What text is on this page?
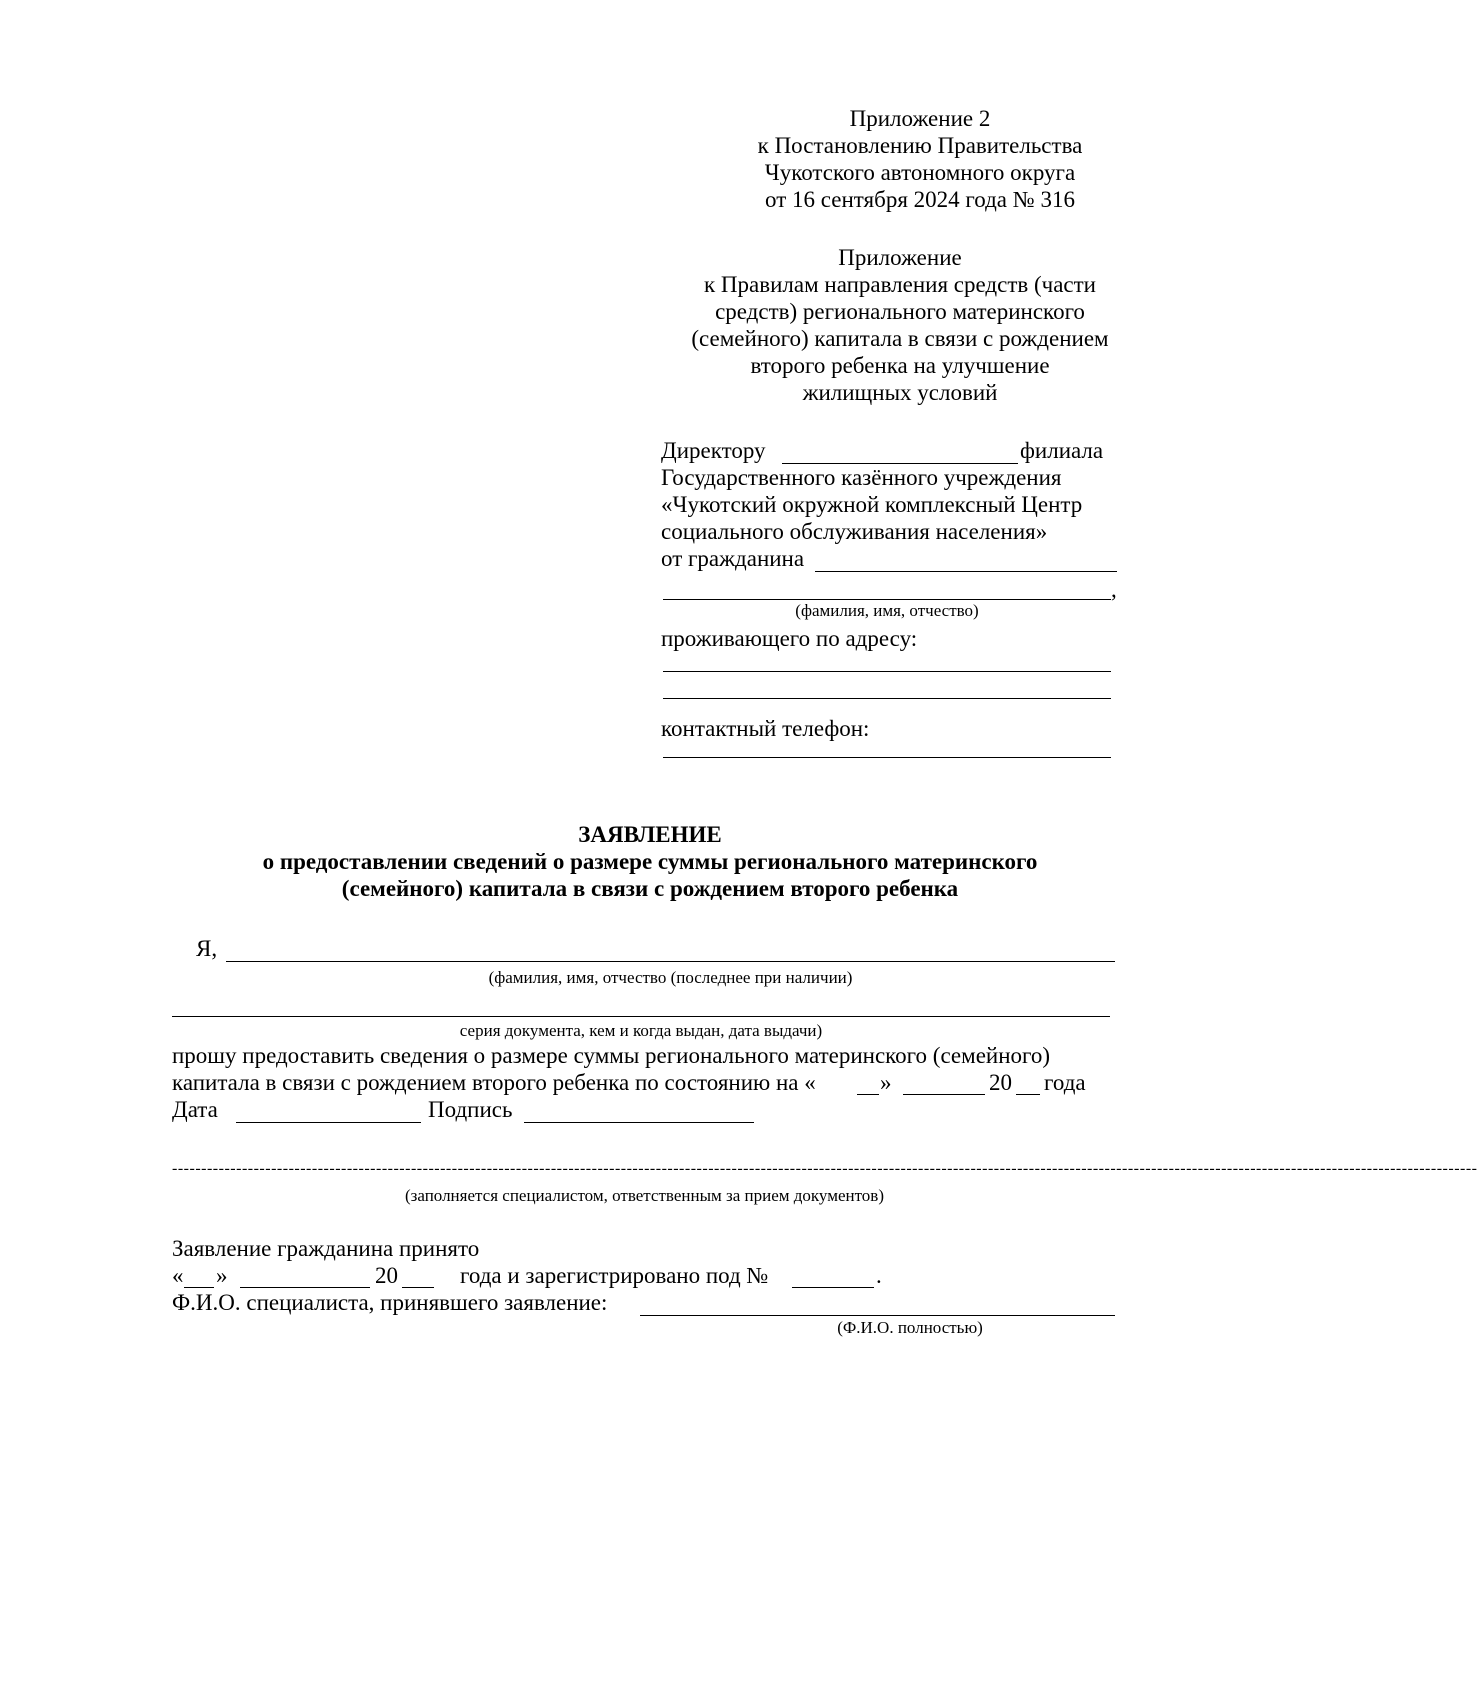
Приложение 2
к Постановлению Правительства
Чукотского автономного округа
от 16 сентября 2024 года № 316
Приложение
к Правилам направления средств (части
средств) регионального материнского
(семейного) капитала в связи с рождением
второго ребенка на улучшение
жилищных условий
Директору	филиала
Государственного казённого учреждения
«Чукотский окружной комплексный Центр
социального обслуживания населения»
от гражданина
,
(фамилия, имя, отчество)
проживающего по адресу:
контактный телефон:
ЗАЯВЛЕНИЕ
о предоставлении сведений о размере суммы регионального материнского
(семейного) капитала в связи с рождением второго ребенка
Я,
(фамилия, имя, отчество (последнее при наличии)
серия документа, кем и когда выдан, дата выдачи)
прошу предоставить сведения о размере суммы регионального материнского (семейного)
капитала в связи с рождением второго ребенка по состоянию на «	»	20 года
Дата	Подпись
--------------------------------------------------------------------------------------------------------------------------------------------------------------------------------------------------------------------------------
(заполняется специалистом, ответственным за прием документов)
Заявление гражданина принято
« »	20	года и зарегистрировано под №	.
Ф.И.О. специалиста, принявшего заявление:
(Ф.И.О. полностью)
